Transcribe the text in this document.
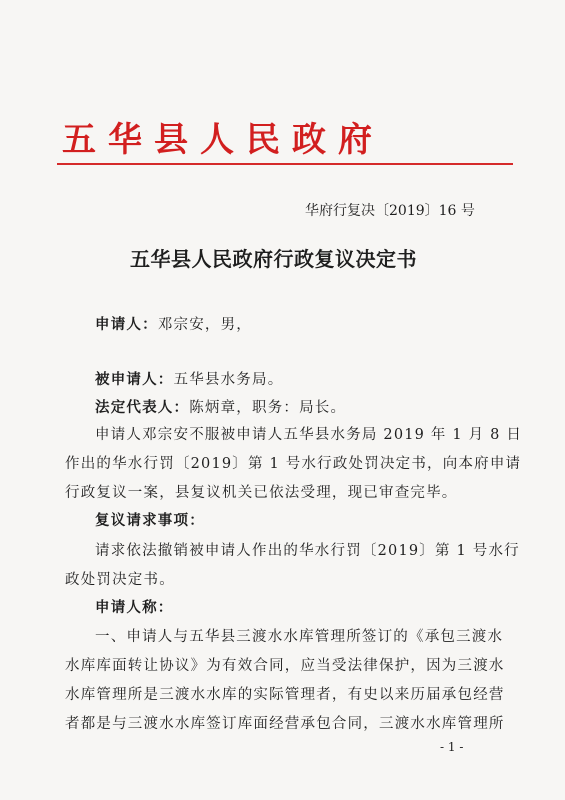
五华县人民政府
华府行复决〔2019〕16 号
五华县人民政府行政复议决定书
申请人：邓宗安，男，
被申请人：五华县水务局。
法定代表人：陈炳章，职务：局长。
申请人邓宗安不服被申请人五华县水务局 2019 年 1 月 8 日
作出的华水行罚〔2019〕第 1 号水行政处罚决定书，向本府申请
行政复议一案，县复议机关已依法受理，现已审查完毕。
复议请求事项：
请求依法撤销被申请人作出的华水行罚〔2019〕第 1 号水行
政处罚决定书。
申请人称：
一、申请人与五华县三渡水水库管理所签订的《承包三渡水
水库库面转让协议》为有效合同，应当受法律保护，因为三渡水
水库管理所是三渡水水库的实际管理者，有史以来历届承包经营
者都是与三渡水水库签订库面经营承包合同，三渡水水库管理所
- 1 -
